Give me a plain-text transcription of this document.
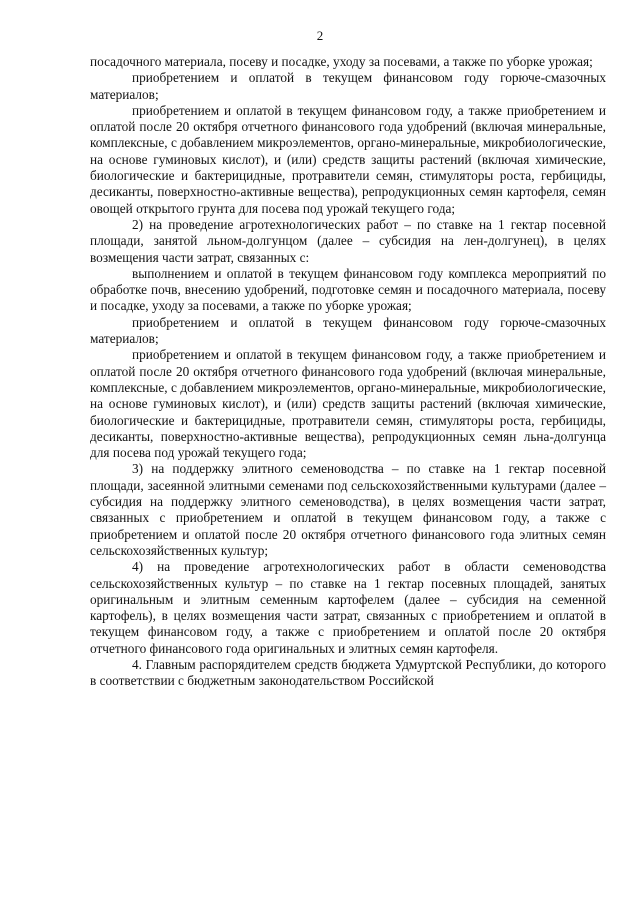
2

посадочного материала, посеву и посадке, уходу за посевами, а также по уборке урожая;

приобретением и оплатой в текущем финансовом году горюче-смазочных материалов;

приобретением и оплатой в текущем финансовом году, а также приобретением и оплатой после 20 октября отчетного финансового года удобрений (включая минеральные, комплексные, с добавлением микроэлементов, органо-минеральные, микробиологические, на основе гуминовых кислот), и (или) средств защиты растений (включая химические, биологические и бактерицидные, протравители семян, стимуляторы роста, гербициды, десиканты, поверхностно-активные вещества), репродукционных семян картофеля, семян овощей открытого грунта для посева под урожай текущего года;

2) на проведение агротехнологических работ – по ставке на 1 гектар посевной площади, занятой льном-долгунцом (далее – субсидия на лен-долгунец), в целях возмещения части затрат, связанных с:

выполнением и оплатой в текущем финансовом году комплекса мероприятий по обработке почв, внесению удобрений, подготовке семян и посадочного материала, посеву и посадке, уходу за посевами, а также по уборке урожая;

приобретением и оплатой в текущем финансовом году горюче-смазочных материалов;

приобретением и оплатой в текущем финансовом году, а также приобретением и оплатой после 20 октября отчетного финансового года удобрений (включая минеральные, комплексные, с добавлением микроэлементов, органо-минеральные, микробиологические, на основе гуминовых кислот), и (или) средств защиты растений (включая химические, биологические и бактерицидные, протравители семян, стимуляторы роста, гербициды, десиканты, поверхностно-активные вещества), репродукционных семян льна-долгунца для посева под урожай текущего года;

3) на поддержку элитного семеноводства – по ставке на 1 гектар посевной площади, засеянной элитными семенами под сельскохозяйственными культурами (далее – субсидия на поддержку элитного семеноводства), в целях возмещения части затрат, связанных с приобретением и оплатой в текущем финансовом году, а также с приобретением и оплатой после 20 октября отчетного финансового года элитных семян сельскохозяйственных культур;

4) на проведение агротехнологических работ в области семеноводства сельскохозяйственных культур – по ставке на 1 гектар посевных площадей, занятых оригинальным и элитным семенным картофелем (далее – субсидия на семенной картофель), в целях возмещения части затрат, связанных с приобретением и оплатой в текущем финансовом году, а также с приобретением и оплатой после 20 октября отчетного финансового года оригинальных и элитных семян картофеля.

4. Главным распорядителем средств бюджета Удмуртской Республики, до которого в соответствии с бюджетным законодательством Российской
